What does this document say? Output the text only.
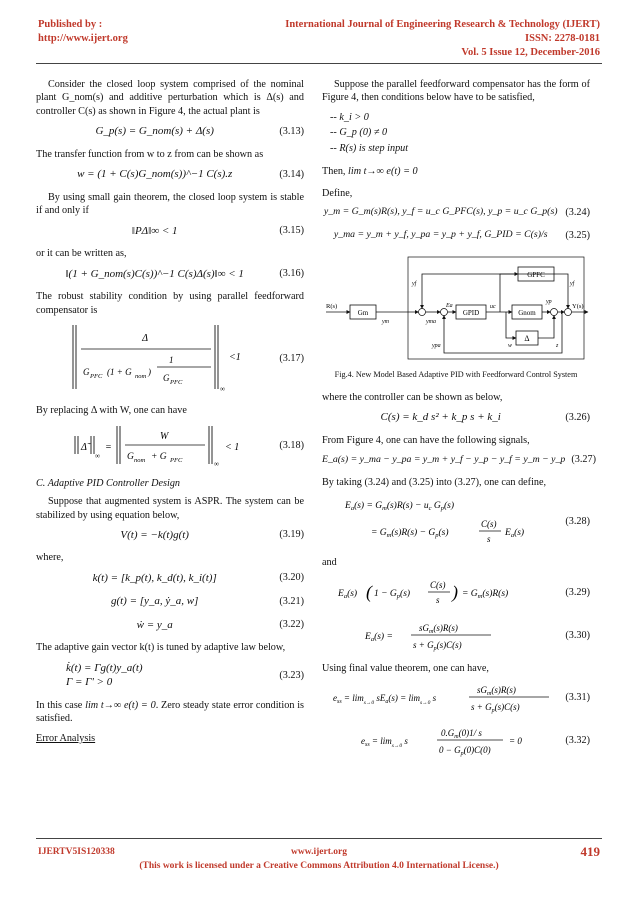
Published by :
http://www.ijert.org
International Journal of Engineering Research & Technology (IJERT)
ISSN: 2278-0181
Vol. 5 Issue 12, December-2016
Consider the closed loop system comprised of the nominal plant G_nom(s) and additive perturbation which is Δ(s) and controller C(s) as shown in Figure 4, the actual plant is
G_p(s) = G_nom(s) + Δ(s)	(3.13)
The transfer function from w to z from can be shown as
w = (1 + C(s)G_nom(s))^−1 C(s).z	(3.14)
By using small gain theorem, the closed loop system is stable if and only if
‖PΔ‖∞ < 1	(3.15)
or it can be written as,
‖(1 + G_nom(s)C(s))^−1 C(s)Δ(s)‖∞ < 1	(3.16)
The robust stability condition by using parallel feedforward compensator is
Δ
1
G PFC (1 + G nom )
G PFC
∞
<1	(3.17)
By replacing Δ with W, one can have
Δ̃
∞
=
W
G nom + G PFC	∞
< 1	(3.18)
C. Adaptive PID Controller Design
Suppose that augmented system is ASPR. The system can be stabilized by using equation below,
V(t) = −k(t)g(t)	(3.19)
where,
k(t) = [k_p(t), k_d(t), k_i(t)]	(3.20)
g(t) = [y_a, ẏ_a, w]	(3.21)
ẇ = y_a	(3.22)
The adaptive gain vector k(t) is tuned by adaptive law below,
k̇(t) = Γg(t)y_a(t)
Γ = Γ' > 0
(3.23)
In this case lim t→∞ e(t) = 0. Zero steady state error condition is satisfied.
Error Analysis
Suppose the parallel feedforward compensator has the form of Figure 4, then conditions below have to be satisfied,
-- k_i > 0
-- G_p (0) ≠ 0
-- R(s) is step input
Then, lim t→∞ e(t) = 0
Define,
y_m = G_m(s)R(s), y_f = u_c G_PFC(s), y_p = u_c G_p(s) (3.24)
y_ma = y_m + y_f, y_pa = y_p + y_f, G_PID = C(s)/s	(3.25)
GPFC
Gm	GPID	Gnom
Δ
R(s)	Y(s)
ym	yma
ypa
yf	yf
yp
uc
Ea
w	z
Fig.4. New Model Based Adaptive PID with Feedforward Control System
where the controller can be shown as below,
C(s) = k_d s² + k_p s + k_i	(3.26)
From Figure 4, one can have the following signals,
E_a(s) = y_ma − y_pa = y_m + y_f − y_p − y_f = y_m − y_p (3.27)
By taking (3.24) and (3.25) into (3.27), one can define,
$E_a(s) = G_m(s)R(s) - u_c$ $G_p(s)$
= $G_m(s)R(s) - G_p(s)$
C(s)
s
$E_a(s)$
(3.28)
and
$E_a(s)$ ( $1 - G_p(s)$
C(s)
s ) = $G_m(s)R(s)$	(3.29)
$E_a(s)$ =
$sG_m(s)R(s)$
$s + G_p(s)C(s)$
(3.30)
Using final value theorem, one can have,
$e_{ss} = \lim_{s\to 0} sE_a(s) = \lim_{s\to 0} s$
$sG_m(s)R(s)$
$s + G_p(s)C(s)$
(3.31)
$e_{ss} = \lim_{s\to 0} s$
$0.G_m(0)1/$ s
$0 - G_p(0)C(0)$
= 0	(3.32)
IJERTV5IS120338	www.ijert.org	419
(This work is licensed under a Creative Commons Attribution 4.0 International License.)
